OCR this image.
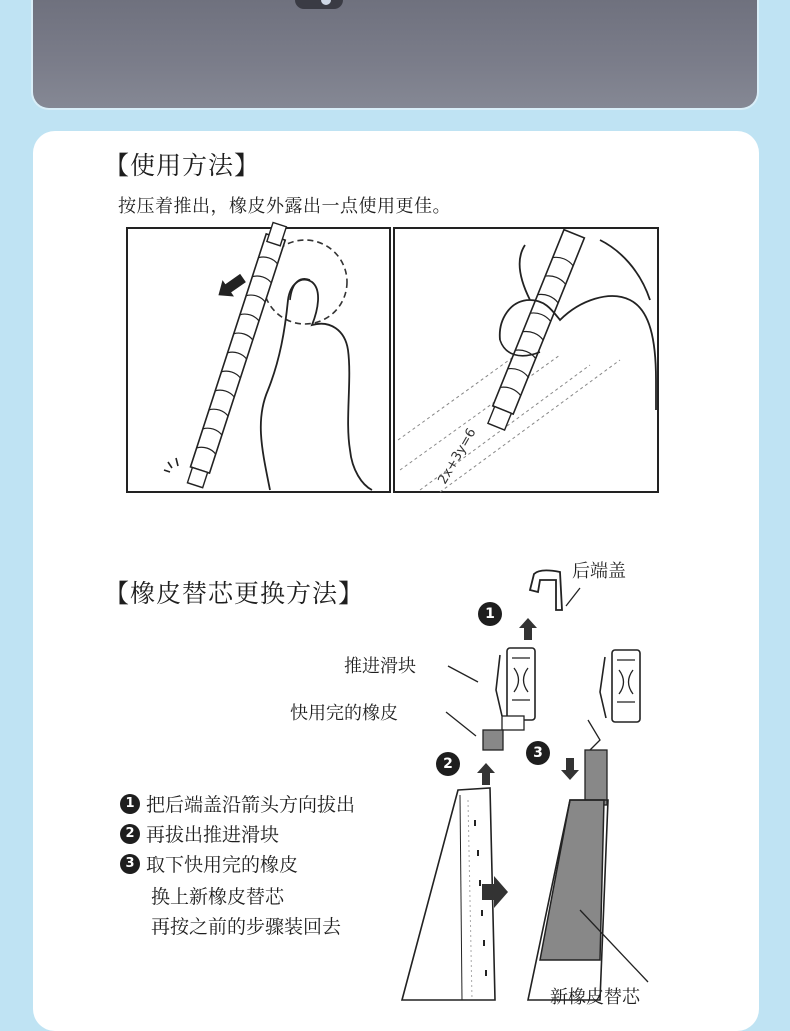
【使用方法】
按压着推出，橡皮外露出一点使用更佳。
2x+3y=6
【橡皮替芯更换方法】
后端盖
推进滑块
快用完的橡皮
新橡皮替芯
1
2
3
1 把后端盖沿箭头方向拔出
2 再拔出推进滑块
3 取下快用完的橡皮
换上新橡皮替芯
再按之前的步骤装回去
